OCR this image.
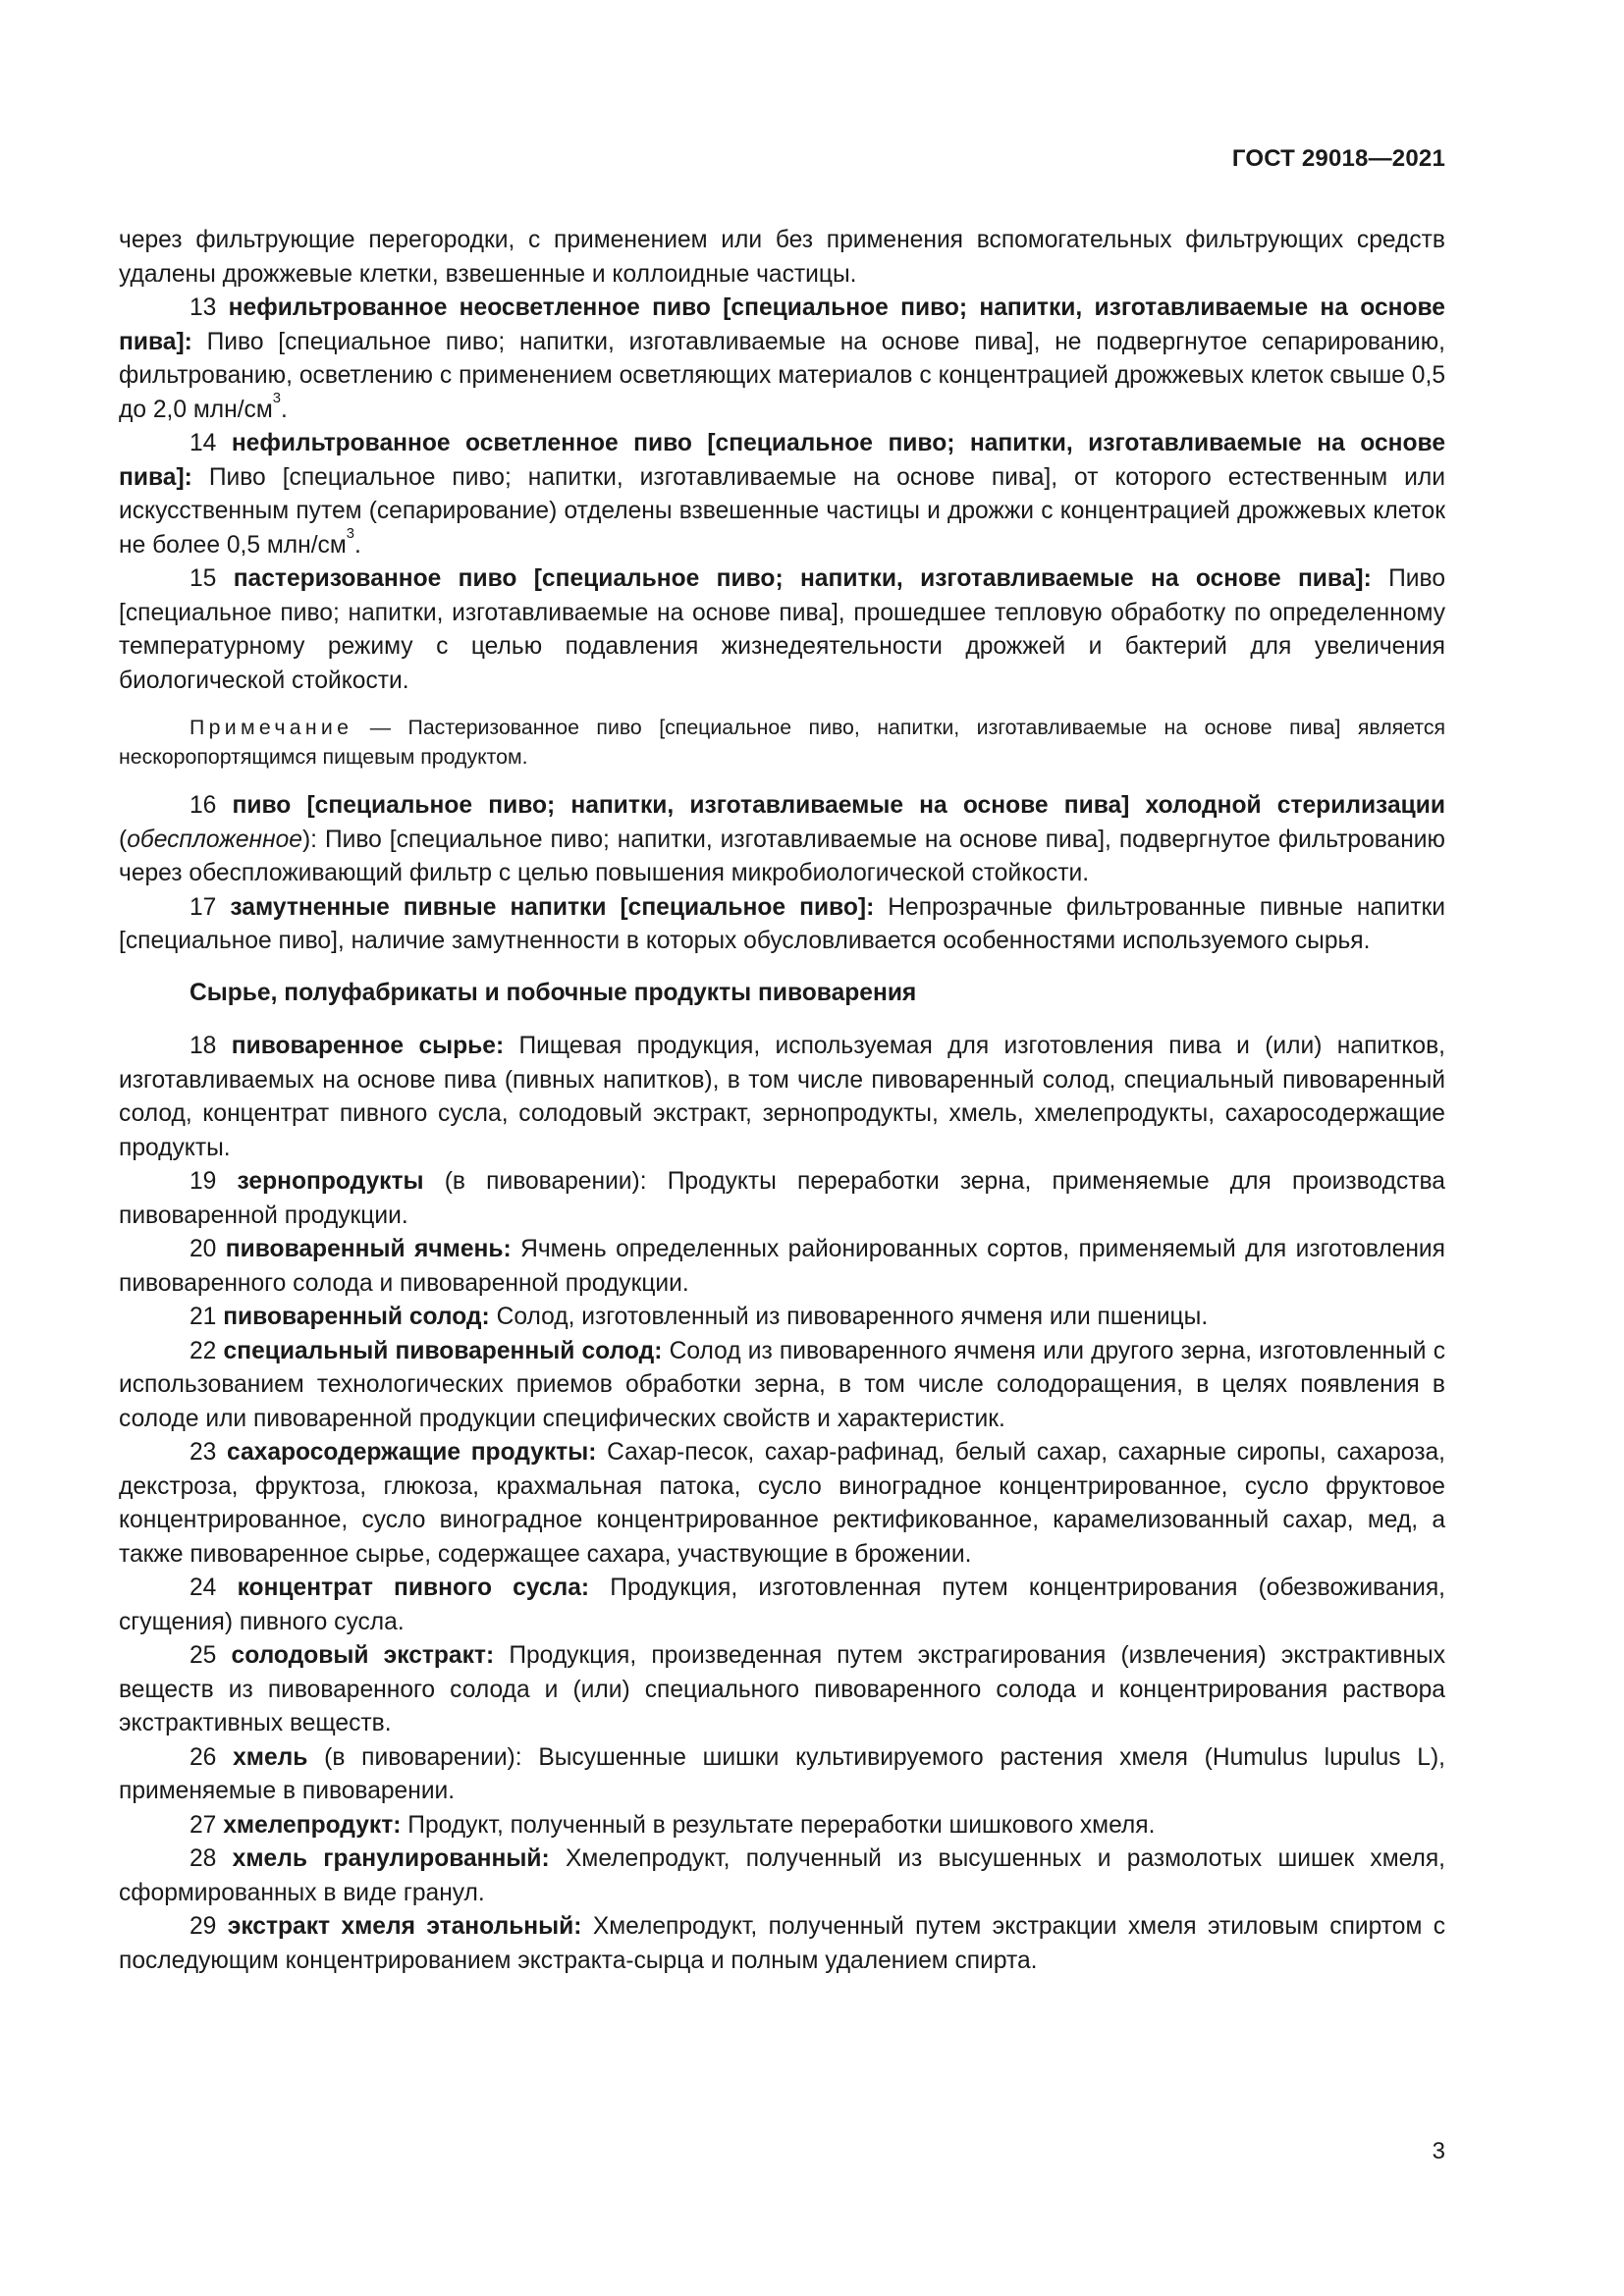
ГОСТ 29018—2021

через фильтрующие перегородки, с применением или без применения вспомогательных фильтрующих средств удалены дрожжевые клетки, взвешенные и коллоидные частицы.

13 нефильтрованное неосветленное пиво [специальное пиво; напитки, изготавливаемые на основе пива]: Пиво [специальное пиво; напитки, изготавливаемые на основе пива], не подвергнутое сепарированию, фильтрованию, осветлению с применением осветляющих материалов с концентрацией дрожжевых клеток свыше 0,5 до 2,0 млн/$см^3$.

14 нефильтрованное осветленное пиво [специальное пиво; напитки, изготавливаемые на основе пива]: Пиво [специальное пиво; напитки, изготавливаемые на основе пива], от которого естественным или искусственным путем (сепарирование) отделены взвешенные частицы и дрожжи с концентрацией дрожжевых клеток не более 0,5 млн/$см^3$.

15 пастеризованное пиво [специальное пиво; напитки, изготавливаемые на основе пива]: Пиво [специальное пиво; напитки, изготавливаемые на основе пива], прошедшее тепловую обработку по определенному температурному режиму с целью подавления жизнедеятельности дрожжей и бактерий для увеличения биологической стойкости.

Примечание — Пастеризованное пиво [специальное пиво, напитки, изготавливаемые на основе пива] является нескоропортящимся пищевым продуктом.

16 пиво [специальное пиво; напитки, изготавливаемые на основе пива] холодной стерилизации (обеспложенное): Пиво [специальное пиво; напитки, изготавливаемые на основе пива], подвергнутое фильтрованию через обеспложивающий фильтр с целью повышения микробиологической стойкости.

17 замутненные пивные напитки [специальное пиво]: Непрозрачные фильтрованные пивные напитки [специальное пиво], наличие замутненности в которых обусловливается особенностями используемого сырья.

Сырье, полуфабрикаты и побочные продукты пивоварения

18 пивоваренное сырье: Пищевая продукция, используемая для изготовления пива и (или) напитков, изготавливаемых на основе пива (пивных напитков), в том числе пивоваренный солод, специальный пивоваренный солод, концентрат пивного сусла, солодовый экстракт, зернопродукты, хмель, хмелепродукты, сахаросодержащие продукты.

19 зернопродукты (в пивоварении): Продукты переработки зерна, применяемые для производства пивоваренной продукции.

20 пивоваренный ячмень: Ячмень определенных районированных сортов, применяемый для изготовления пивоваренного солода и пивоваренной продукции.

21 пивоваренный солод: Солод, изготовленный из пивоваренного ячменя или пшеницы.

22 специальный пивоваренный солод: Солод из пивоваренного ячменя или другого зерна, изготовленный с использованием технологических приемов обработки зерна, в том числе солодоращения, в целях появления в солоде или пивоваренной продукции специфических свойств и характеристик.

23 сахаросодержащие продукты: Сахар-песок, сахар-рафинад, белый сахар, сахарные сиропы, сахароза, декстроза, фруктоза, глюкоза, крахмальная патока, сусло виноградное концентрированное, сусло фруктовое концентрированное, сусло виноградное концентрированное ректификованное, карамелизованный сахар, мед, а также пивоваренное сырье, содержащее сахара, участвующие в брожении.

24 концентрат пивного сусла: Продукция, изготовленная путем концентрирования (обезвоживания, сгущения) пивного сусла.

25 солодовый экстракт: Продукция, произведенная путем экстрагирования (извлечения) экстрактивных веществ из пивоваренного солода и (или) специального пивоваренного солода и концентрирования раствора экстрактивных веществ.

26 хмель (в пивоварении): Высушенные шишки культивируемого растения хмеля (Humulus lupulus L), применяемые в пивоварении.

27 хмелепродукт: Продукт, полученный в результате переработки шишкового хмеля.

28 хмель гранулированный: Хмелепродукт, полученный из высушенных и размолотых шишек хмеля, сформированных в виде гранул.

29 экстракт хмеля этанольный: Хмелепродукт, полученный путем экстракции хмеля этиловым спиртом с последующим концентрированием экстракта-сырца и полным удалением спирта.

3
